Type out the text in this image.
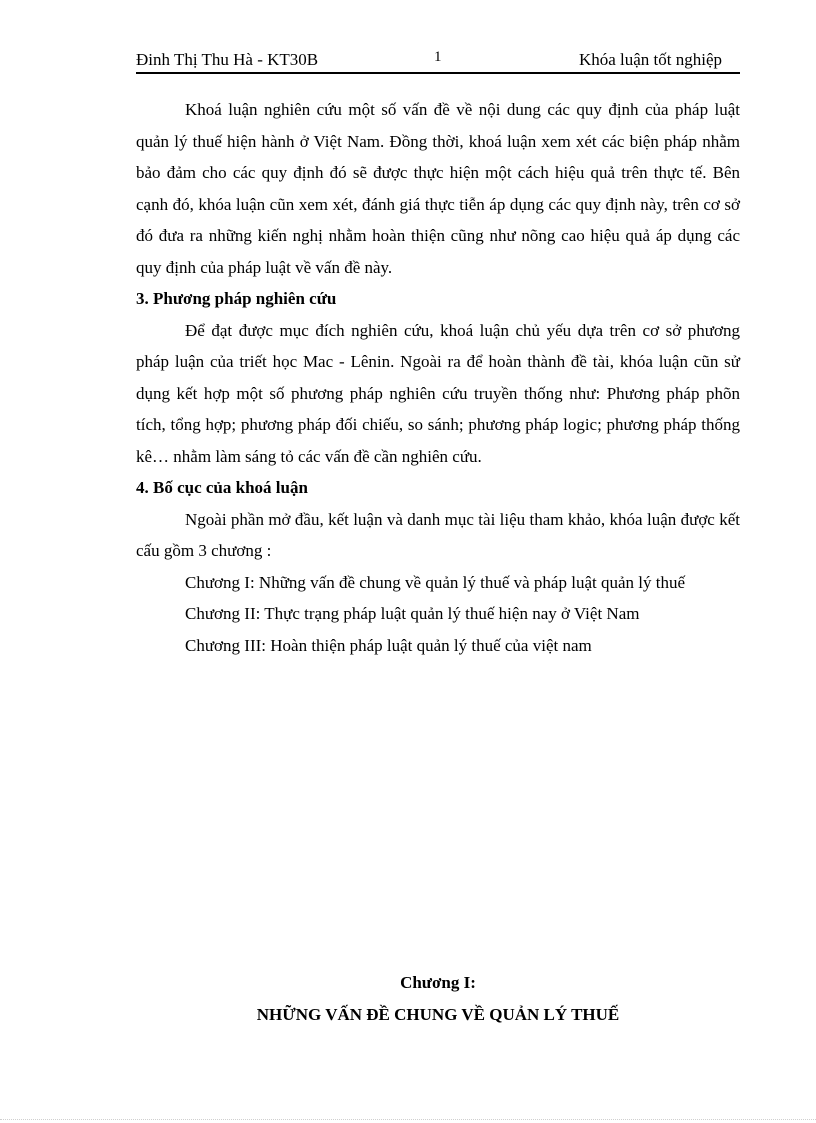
Đinh Thị Thu Hà - KT30B	1	Khóa luận tốt nghiệp

Khoá luận nghiên cứu một số vấn đề về nội dung các quy định của pháp luật quản lý thuế hiện hành ở Việt Nam. Đồng thời, khoá luận xem xét các biện pháp nhằm bảo đảm cho các quy định đó sẽ được thực hiện một cách hiệu quả trên thực tế. Bên cạnh đó, khóa luận cũn xem xét, đánh giá thực tiễn áp dụng các quy định này, trên cơ sở đó đưa ra những kiến nghị nhằm hoàn thiện cũng như nõng cao hiệu quả áp dụng các quy định của pháp luật về vấn đề này.

3. Phương pháp nghiên cứu

Để đạt được mục đích nghiên cứu, khoá luận chủ yếu dựa trên cơ sở phương pháp luận của triết học Mac - Lênin. Ngoài ra để hoàn thành đề tài, khóa luận cũn sử dụng kết hợp một số phương pháp nghiên cứu truyền thống như: Phương pháp phõn tích, tổng hợp; phương pháp đối chiếu, so sánh; phương pháp logic; phương pháp thống kê… nhằm làm sáng tỏ các vấn đề cần nghiên cứu.

4. Bố cục của khoá luận

Ngoài phần mở đầu, kết luận và danh mục tài liệu tham khảo, khóa luận được kết cấu gồm 3 chương :

Chương I: Những vấn đề chung về quản lý thuế và pháp luật quản lý thuế

Chương II: Thực trạng pháp luật quản lý thuế hiện nay ở Việt Nam

Chương III: Hoàn thiện pháp luật quản lý thuế của việt nam

Chương I:
NHỮNG VẤN ĐỀ CHUNG VỀ QUẢN LÝ THUẾ
